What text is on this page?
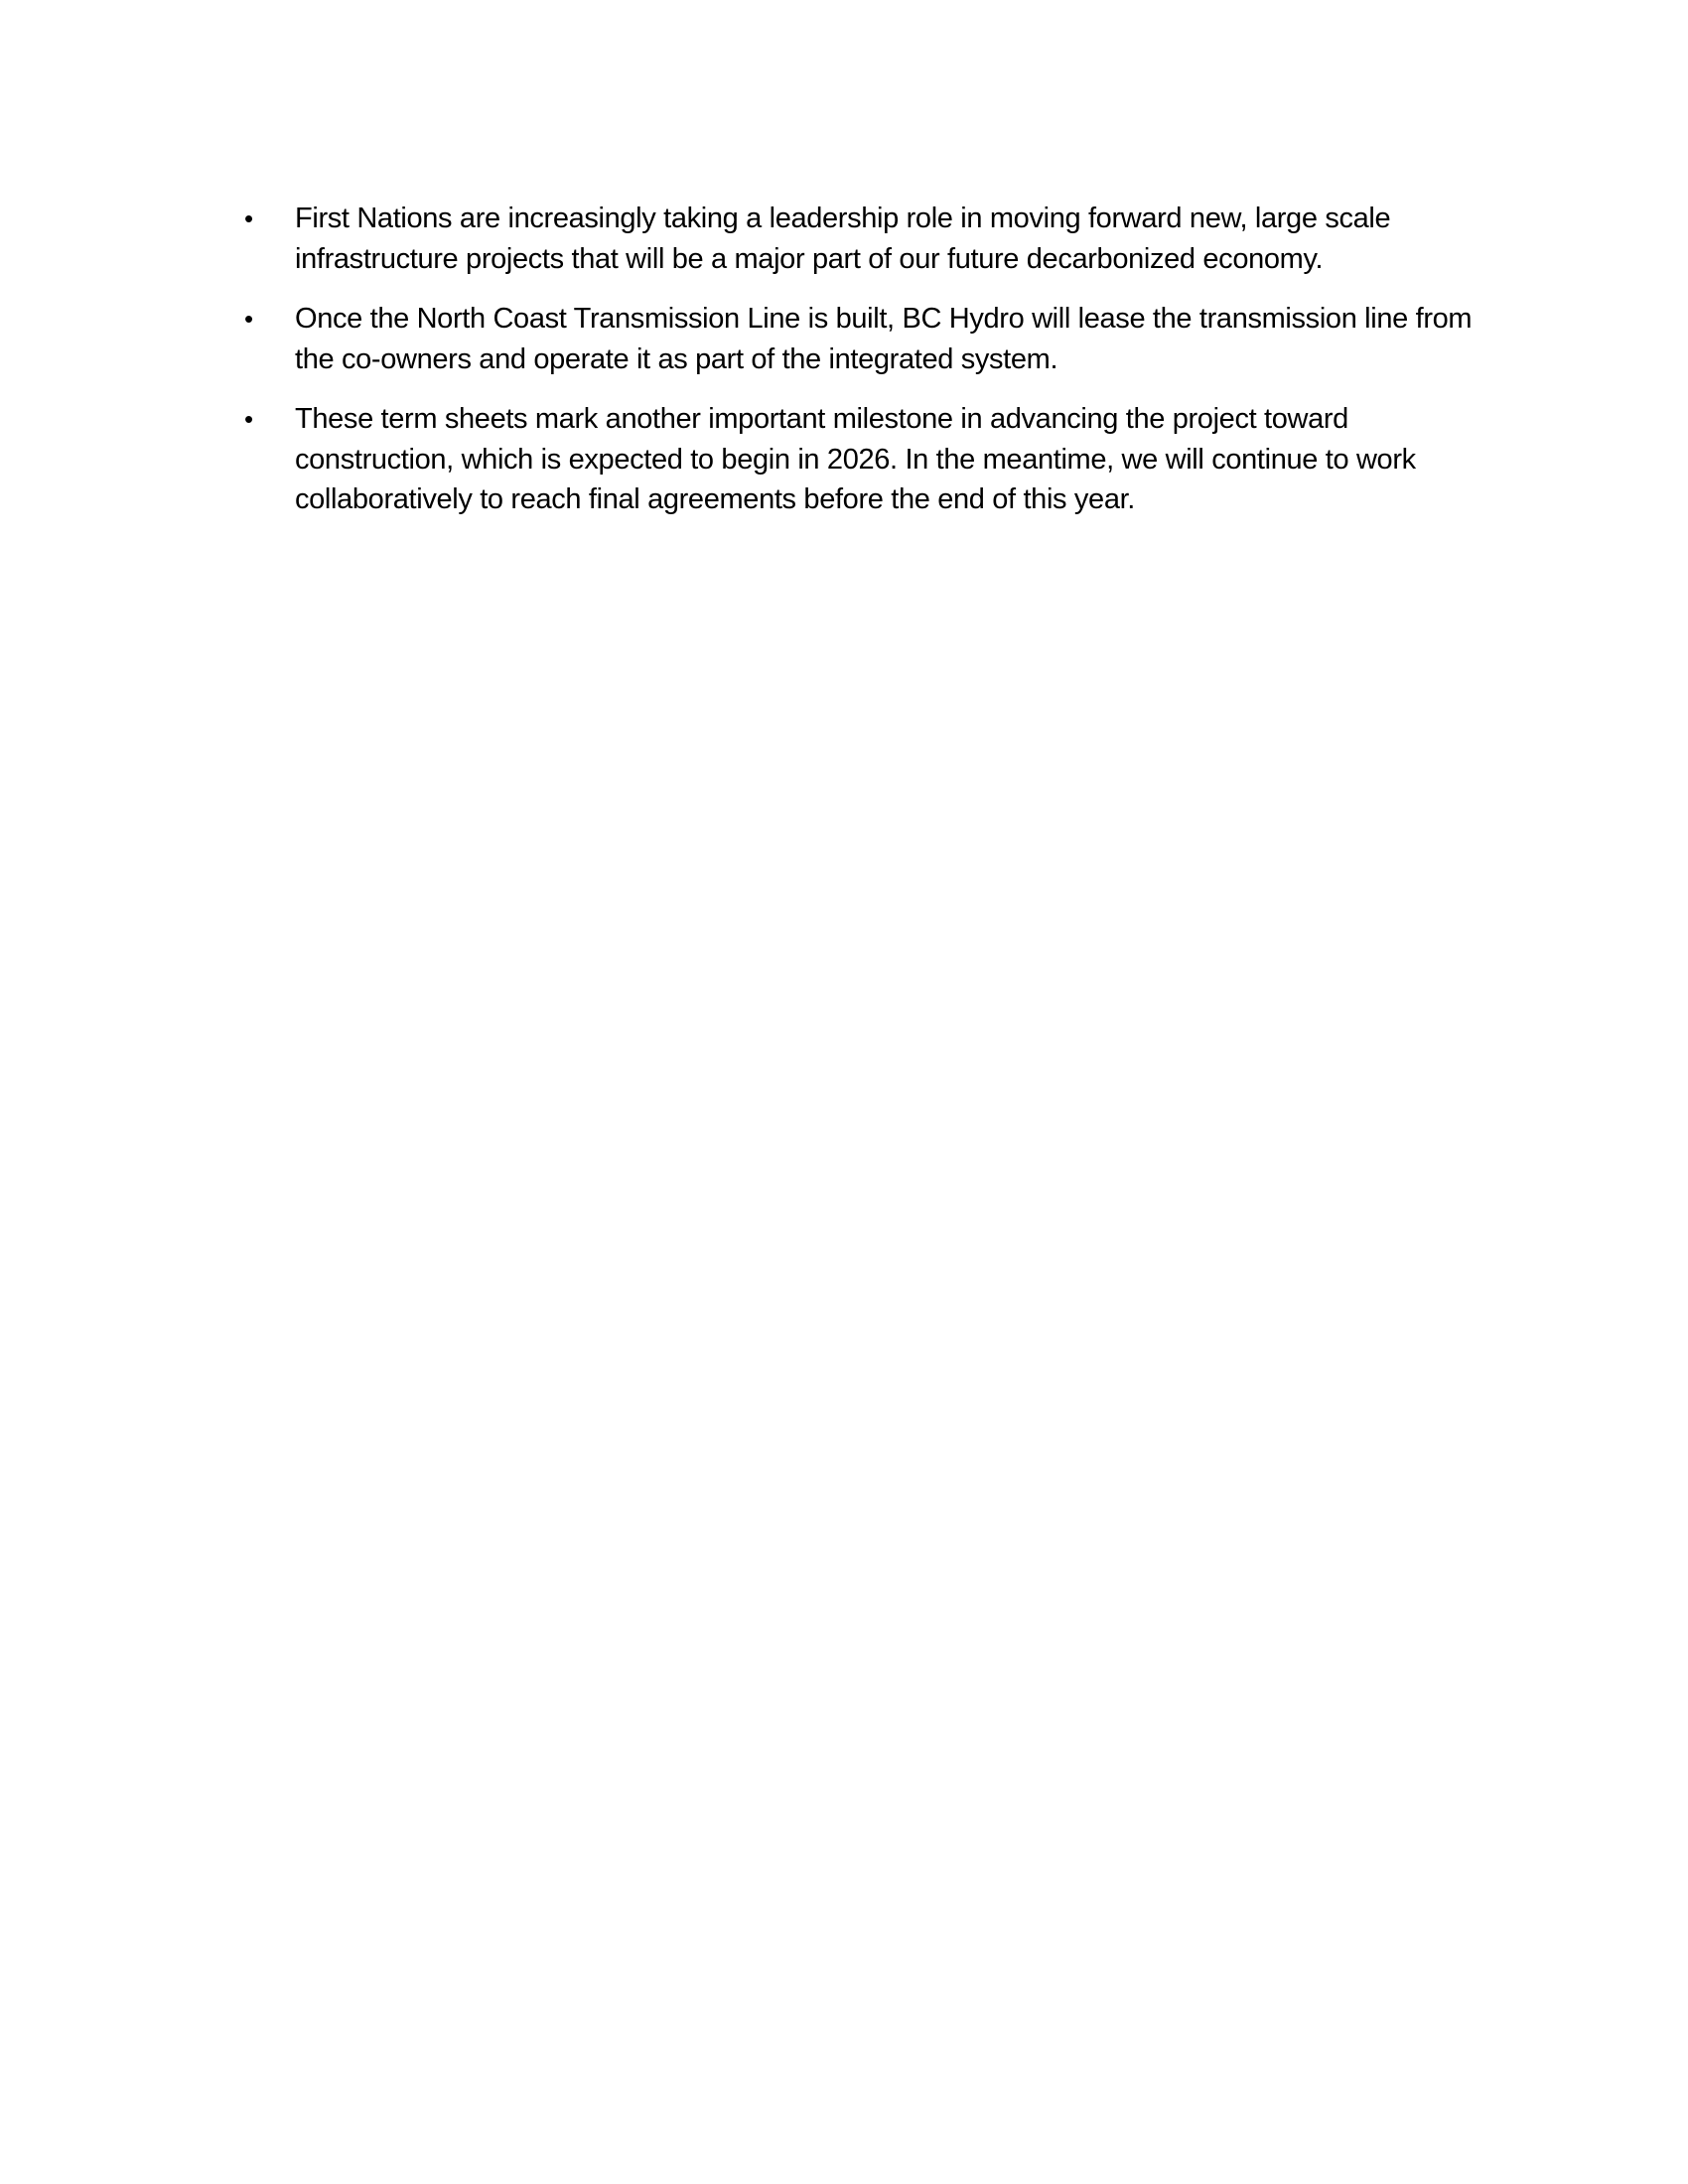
• First Nations are increasingly taking a leadership role in moving forward new, large scale infrastructure projects that will be a major part of our future decarbonized economy.
• Once the North Coast Transmission Line is built, BC Hydro will lease the transmission line from the co-owners and operate it as part of the integrated system.
• These term sheets mark another important milestone in advancing the project toward construction, which is expected to begin in 2026. In the meantime, we will continue to work collaboratively to reach final agreements before the end of this year.
